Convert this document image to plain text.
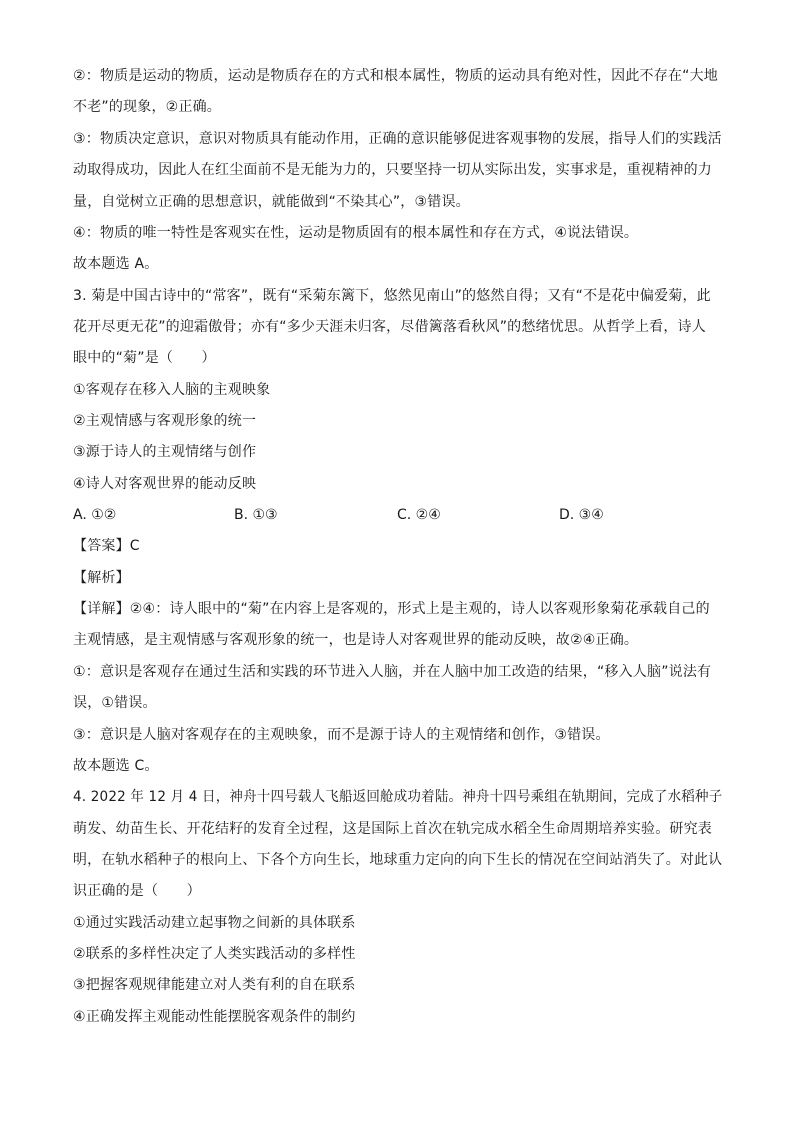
②：物质是运动的物质，运动是物质存在的方式和根本属性，物质的运动具有绝对性，因此不存在“大地
不老”的现象，②正确。
③：物质决定意识，意识对物质具有能动作用，正确的意识能够促进客观事物的发展，指导人们的实践活
动取得成功，因此人在红尘面前不是无能为力的，只要坚持一切从实际出发，实事求是，重视精神的力
量，自觉树立正确的思想意识，就能做到“不染其心”，③错误。
④：物质的唯一特性是客观实在性，运动是物质固有的根本属性和存在方式，④说法错误。
故本题选 A。
3. 菊是中国古诗中的“常客”，既有“采菊东篱下，悠然见南山”的悠然自得；又有“不是花中偏爱菊，此
花开尽更无花”的迎霜傲骨；亦有“多少天涯未归客，尽借篱落看秋风”的愁绪忧思。从哲学上看，诗人
眼中的“菊”是（　　）
①客观存在移入人脑的主观映象
②主观情感与客观形象的统一
③源于诗人的主观情绪与创作
④诗人对客观世界的能动反映
A. ①②	B. ①③	C. ②④	D. ③④
【答案】C
【解析】
【详解】②④：诗人眼中的“菊”在内容上是客观的，形式上是主观的，诗人以客观形象菊花承载自己的
主观情感，是主观情感与客观形象的统一，也是诗人对客观世界的能动反映，故②④正确。
①：意识是客观存在通过生活和实践的环节进入人脑，并在人脑中加工改造的结果，“移入人脑”说法有
误，①错误。
③：意识是人脑对客观存在的主观映象，而不是源于诗人的主观情绪和创作，③错误。
故本题选 C。
4. 2022 年 12 月 4 日，神舟十四号载人飞船返回舱成功着陆。神舟十四号乘组在轨期间，完成了水稻种子
萌发、幼苗生长、开花结籽的发育全过程，这是国际上首次在轨完成水稻全生命周期培养实验。研究表
明，在轨水稻种子的根向上、下各个方向生长，地球重力定向的向下生长的情况在空间站消失了。对此认
识正确的是（　　）
①通过实践活动建立起事物之间新的具体联系
②联系的多样性决定了人类实践活动的多样性
③把握客观规律能建立对人类有利的自在联系
④正确发挥主观能动性能摆脱客观条件的制约
